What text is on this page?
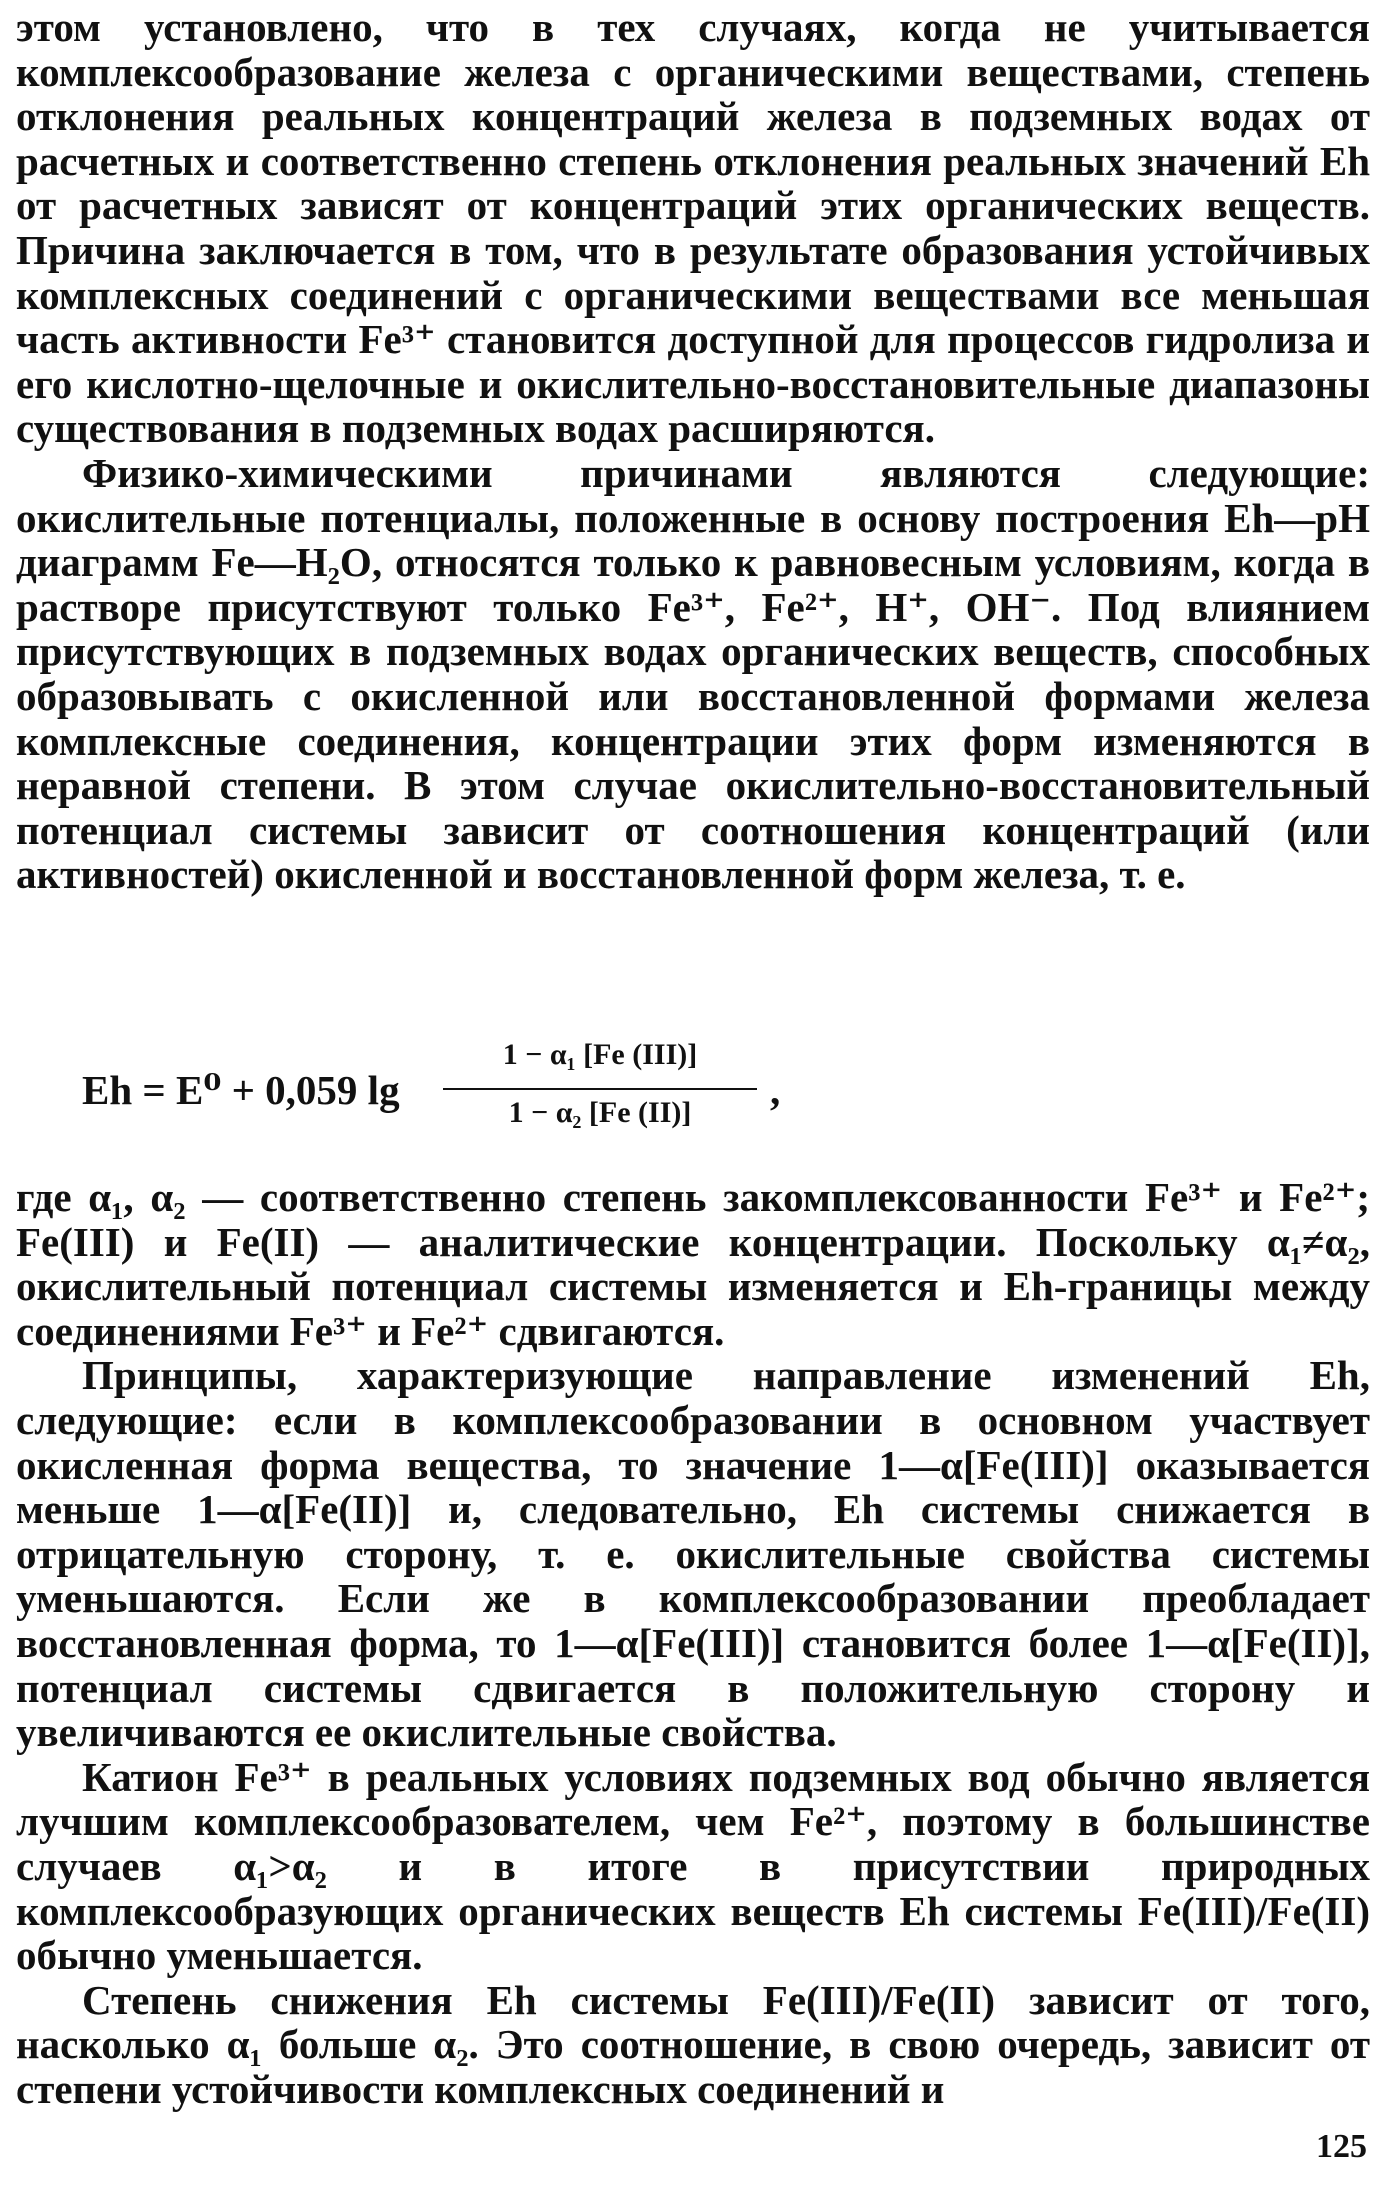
этом установлено, что в тех случаях, когда не учитывается комплексообразование железа с органическими веществами, степень отклонения реальных концентраций железа в подземных водах от расчетных и соответственно степень отклонения реальных значений Eh от расчетных зависят от концентраций этих органических веществ. Причина заключается в том, что в результате образования устойчивых комплексных соединений с органическими веществами все меньшая часть активности Fe³⁺ становится доступной для процессов гидролиза и его кислотно-щелочные и окислительно-восстановительные диапазоны существования в подземных водах расширяются.

Физико-химическими причинами являются следующие: окислительные потенциалы, положенные в основу построения Eh—pH диаграмм Fe—H₂O, относятся только к равновесным условиям, когда в растворе присутствуют только Fe³⁺, Fe²⁺, H⁺, OH⁻. Под влиянием присутствующих в подземных водах органических веществ, способных образовывать с окисленной или восстановленной формами железа комплексные соединения, концентрации этих форм изменяются в неравной степени. В этом случае окислительно-восстановительный потенциал системы зависит от соотношения концентраций (или активностей) окисленной и восстановленной форм железа, т. е.

Eh = E⁰ + 0,059 lg
1 − α₁ [Fe (III)]
1 − α₂ [Fe (II)]	,

где α₁, α₂ — соответственно степень закомплексованности Fe³⁺ и Fe²⁺; Fe(III) и Fe(II) — аналитические концентрации. Поскольку α₁≠α₂, окислительный потенциал системы изменяется и Eh-границы между соединениями Fe³⁺ и Fe²⁺ сдвигаются.

Принципы, характеризующие направление изменений Eh, следующие: если в комплексообразовании в основном участвует окисленная форма вещества, то значение 1—α[Fe(III)] оказывается меньше 1—α[Fe(II)] и, следовательно, Eh системы снижается в отрицательную сторону, т. е. окислительные свойства системы уменьшаются. Если же в комплексообразовании преобладает восстановленная форма, то 1—α[Fe(III)] становится более 1—α[Fe(II)], потенциал системы сдвигается в положительную сторону и увеличиваются ее окислительные свойства.

Катион Fe³⁺ в реальных условиях подземных вод обычно является лучшим комплексообразователем, чем Fe²⁺, поэтому в большинстве случаев α₁>α₂ и в итоге в присутствии природных комплексообразующих органических веществ Eh системы Fe(III)/Fe(II) обычно уменьшается.

Степень снижения Eh системы Fe(III)/Fe(II) зависит от того, насколько α₁ больше α₂. Это соотношение, в свою очередь, зависит от степени устойчивости комплексных соединений и

125
